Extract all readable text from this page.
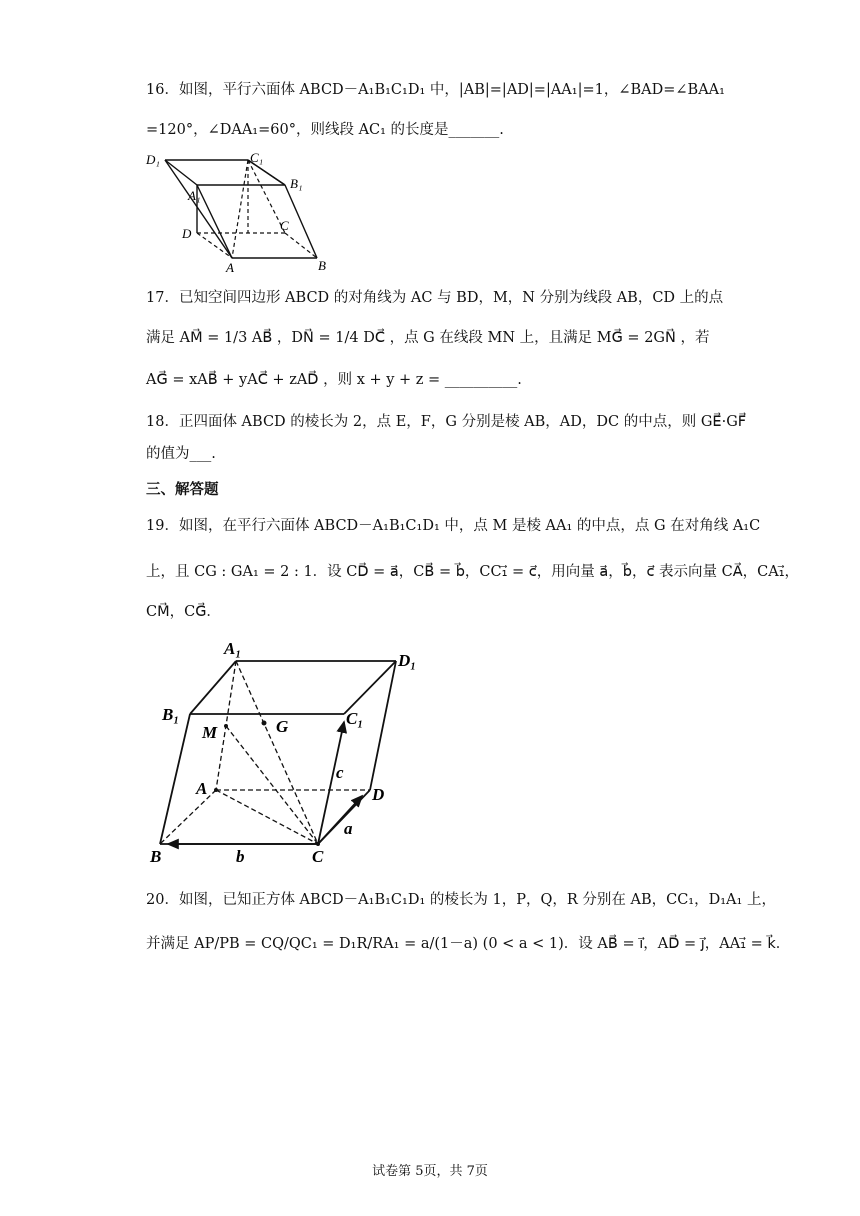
16．如图，平行六面体 ABCD－A₁B₁C₁D₁ 中，|AB|=|AD|=|AA₁|=1，∠BAD=∠BAA₁
=120°，∠DAA₁=60°，则线段 AC₁ 的长度是_______.
D₁	C₁
A₁
B₁
D
C
A	B
17．已知空间四边形 ABCD 的对角线为 AC 与 BD，M，N 分别为线段 AB，CD 上的点
满足 AM⃗ = 1/3 AB⃗ ，DN⃗ = 1/4 DC⃗ ，点 G 在线段 MN 上，且满足 MG⃗ = 2GN⃗ ，若
AG⃗ = xAB⃗ + yAC⃗ + zAD⃗ ，则 x + y + z = __________.
18．正四面体 ABCD 的棱长为 2，点 E，F，G 分别是棱 AB，AD，DC 的中点，则 GE⃗·GF⃗
的值为___.
三、解答题
19．如图，在平行六面体 ABCD－A₁B₁C₁D₁ 中，点 M 是棱 AA₁ 的中点，点 G 在对角线 A₁C
上，且 CG : GA₁ = 2 : 1．设 CD⃗ = a⃗，CB⃗ = b⃗，CC₁⃗ = c⃗，用向量 a⃗，b⃗，c⃗ 表示向量 CA⃗，CA₁⃗，
CM⃗，CG⃗．
A₁
D₁
B₁	C₁
M	G
A	D
B	C
c⃗
a⃗
b⃗
20．如图，已知正方体 ABCD－A₁B₁C₁D₁ 的棱长为 1，P，Q，R 分别在 AB，CC₁，D₁A₁ 上，
并满足 AP/PB = CQ/QC₁ = D₁R/RA₁ = a/(1－a) (0 < a < 1)．设 AB⃗ = i⃗，AD⃗ = j⃗，AA₁⃗ = k⃗．
试卷第 5页，共 7页
